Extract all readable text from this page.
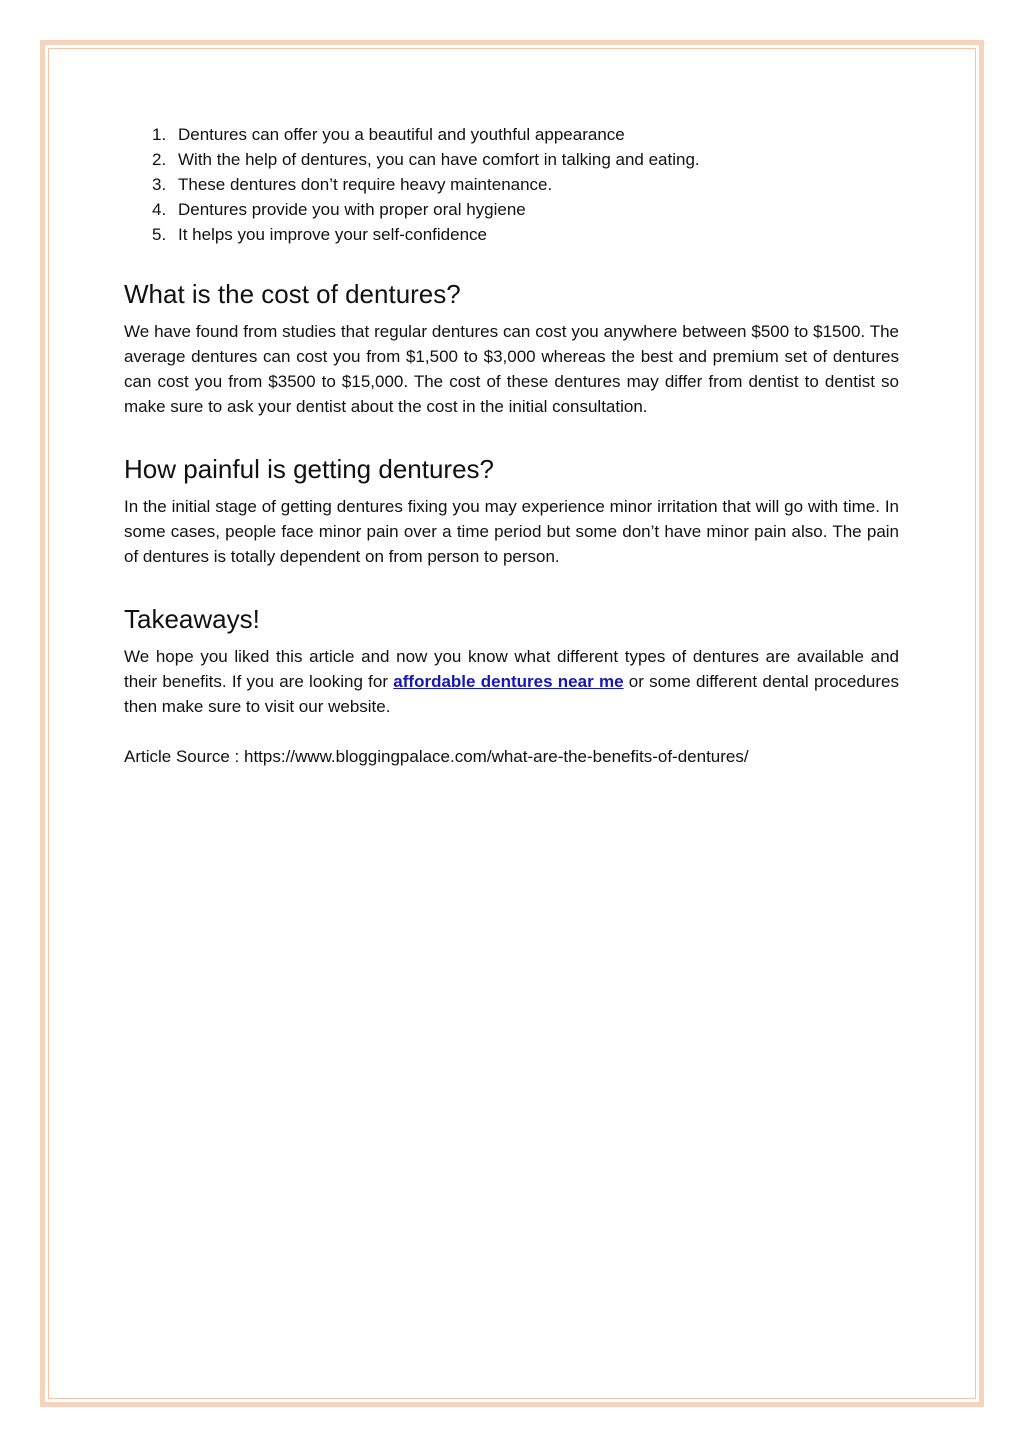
1. Dentures can offer you a beautiful and youthful appearance
2. With the help of dentures, you can have comfort in talking and eating.
3. These dentures don’t require heavy maintenance.
4. Dentures provide you with proper oral hygiene
5. It helps you improve your self-confidence
What is the cost of dentures?

We have found from studies that regular dentures can cost you anywhere between $500 to $1500. The average dentures can cost you from $1,500 to $3,000 whereas the best and premium set of dentures can cost you from $3500 to $15,000. The cost of these dentures may differ from dentist to dentist so make sure to ask your dentist about the cost in the initial consultation.

How painful is getting dentures?

In the initial stage of getting dentures fixing you may experience minor irritation that will go with time. In some cases, people face minor pain over a time period but some don’t have minor pain also. The pain of dentures is totally dependent on from person to person.

Takeaways!

We hope you liked this article and now you know what different types of dentures are available and their benefits. If you are looking for affordable dentures near me or some different dental procedures then make sure to visit our website.

Article Source : https://www.bloggingpalace.com/what-are-the-benefits-of-dentures/
